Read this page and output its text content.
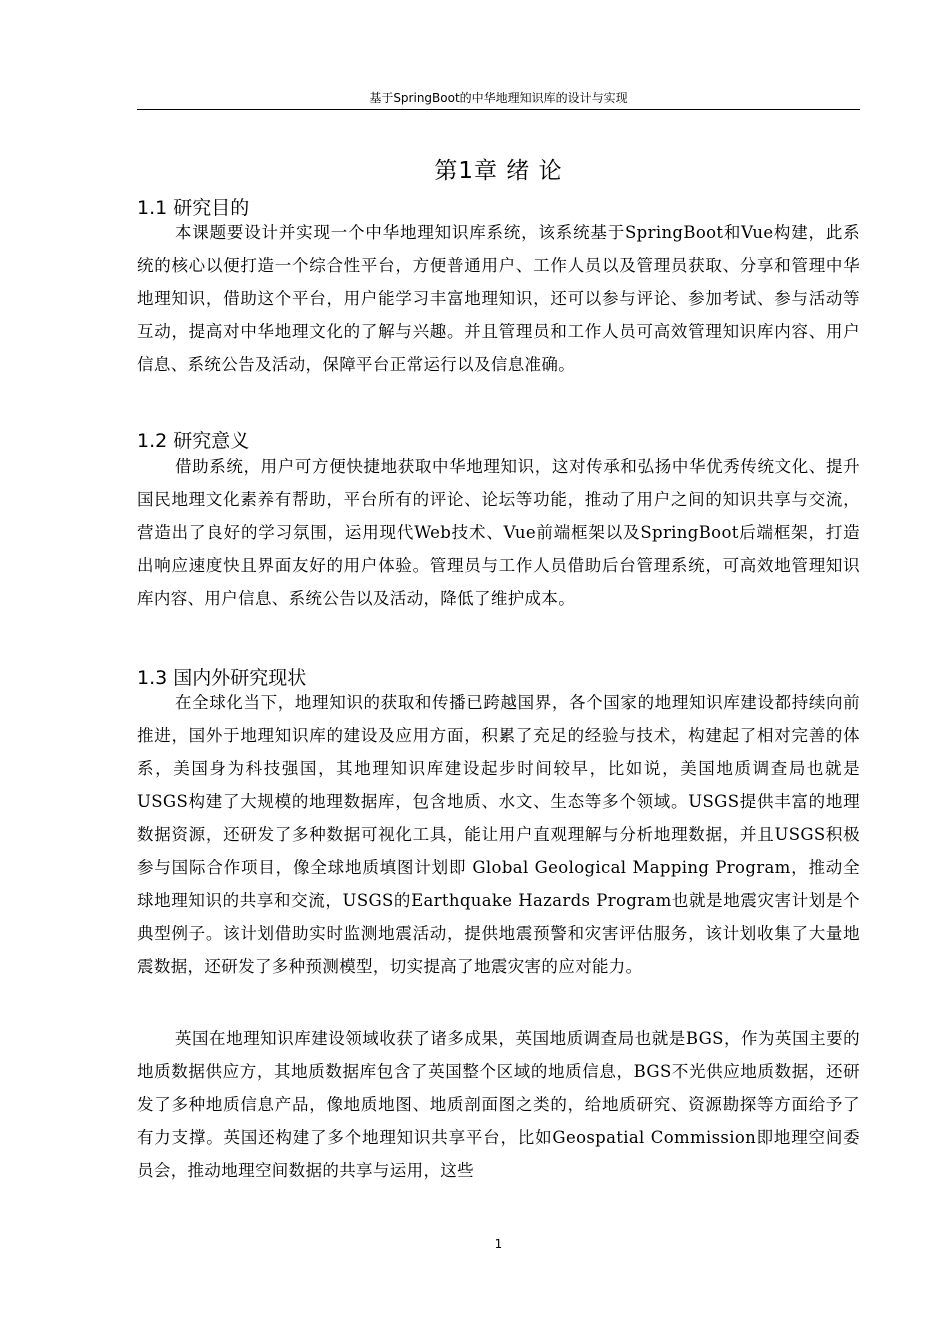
基于SpringBoot的中华地理知识库的设计与实现
第1章 绪 论
1.1 研究目的

本课题要设计并实现一个中华地理知识库系统，该系统基于SpringBoot和Vue构建，此系统的核心以便打造一个综合性平台，方便普通用户、工作人员以及管理员获取、分享和管理中华地理知识，借助这个平台，用户能学习丰富地理知识，还可以参与评论、参加考试、参与活动等互动，提高对中华地理文化的了解与兴趣。并且管理员和工作人员可高效管理知识库内容、用户信息、系统公告及活动，保障平台正常运行以及信息准确。

1.2 研究意义

借助系统，用户可方便快捷地获取中华地理知识，这对传承和弘扬中华优秀传统文化、提升国民地理文化素养有帮助，平台所有的评论、论坛等功能，推动了用户之间的知识共享与交流，营造出了良好的学习氛围，运用现代Web技术、Vue前端框架以及SpringBoot后端框架，打造出响应速度快且界面友好的用户体验。管理员与工作人员借助后台管理系统，可高效地管理知识库内容、用户信息、系统公告以及活动，降低了维护成本。

1.3 国内外研究现状

在全球化当下，地理知识的获取和传播已跨越国界，各个国家的地理知识库建设都持续向前推进，国外于地理知识库的建设及应用方面，积累了充足的经验与技术，构建起了相对完善的体系，美国身为科技强国，其地理知识库建设起步时间较早，比如说，美国地质调查局也就是 USGS构建了大规模的地理数据库，包含地质、水文、生态等多个领域。USGS提供丰富的地理数据资源，还研发了多种数据可视化工具，能让用户直观理解与分析地理数据，并且USGS积极参与国际合作项目，像全球地质填图计划即 Global Geological Mapping Program，推动全球地理知识的共享和交流，USGS的Earthquake Hazards Program也就是地震灾害计划是个典型例子。该计划借助实时监测地震活动，提供地震预警和灾害评估服务，该计划收集了大量地震数据，还研发了多种预测模型，切实提高了地震灾害的应对能力。

英国在地理知识库建设领域收获了诸多成果，英国地质调查局也就是BGS，作为英国主要的地质数据供应方，其地质数据库包含了英国整个区域的地质信息，BGS不光供应地质数据，还研发了多种地质信息产品，像地质地图、地质剖面图之类的，给地质研究、资源勘探等方面给予了有力支撑。英国还构建了多个地理知识共享平台，比如Geospatial Commission即地理空间委员会，推动地理空间数据的共享与运用，这些

1
